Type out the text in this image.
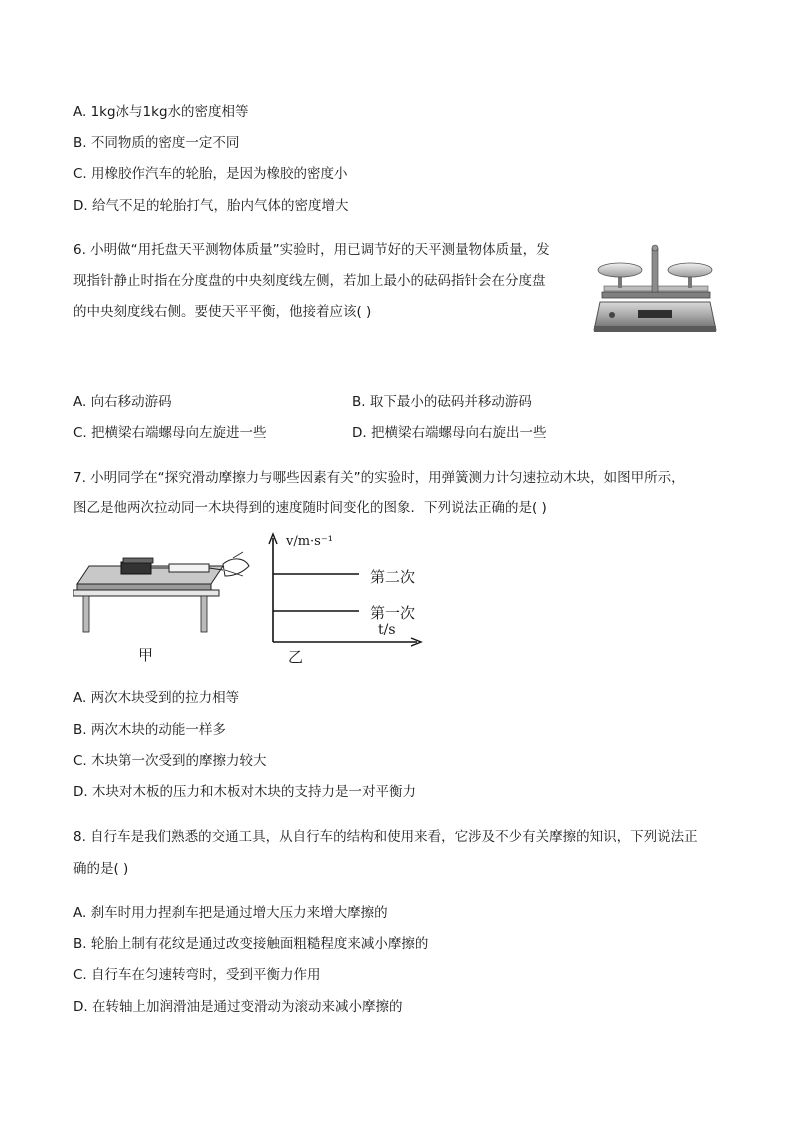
A. 1kg冰与1kg水的密度相等
B. 不同物质的密度一定不同
C. 用橡胶作汽车的轮胎，是因为橡胶的密度小
D. 给气不足的轮胎打气，胎内气体的密度增大
6. 小明做“用托盘天平测物体质量”实验时，用已调节好的天平测量物体质量，发
现指针静止时指在分度盘的中央刻度线左侧，若加上最小的砝码指针会在分度盘
的中央刻度线右侧。要使天平平衡，他接着应该( )
A. 向右移动游码	B. 取下最小的砝码并移动游码
C. 把横梁右端螺母向左旋进一些	D. 把横梁右端螺母向右旋出一些
7. 小明同学在“探究滑动摩擦力与哪些因素有关”的实验时，用弹簧测力计匀速拉动木块，如图甲所示，
图乙是他两次拉动同一木块得到的速度随时间变化的图象．下列说法正确的是( )
甲
v/m·s⁻¹
第二次
第一次
t/s
乙
A. 两次木块受到的拉力相等
B. 两次木块的动能一样多
C. 木块第一次受到的摩擦力较大
D. 木块对木板的压力和木板对木块的支持力是一对平衡力
8. 自行车是我们熟悉的交通工具，从自行车的结构和使用来看，它涉及不少有关摩擦的知识，下列说法正
确的是( )
A. 刹车时用力捏刹车把是通过增大压力来增大摩擦的
B. 轮胎上制有花纹是通过改变接触面粗糙程度来减小摩擦的
C. 自行车在匀速转弯时，受到平衡力作用
D. 在转轴上加润滑油是通过变滑动为滚动来减小摩擦的
